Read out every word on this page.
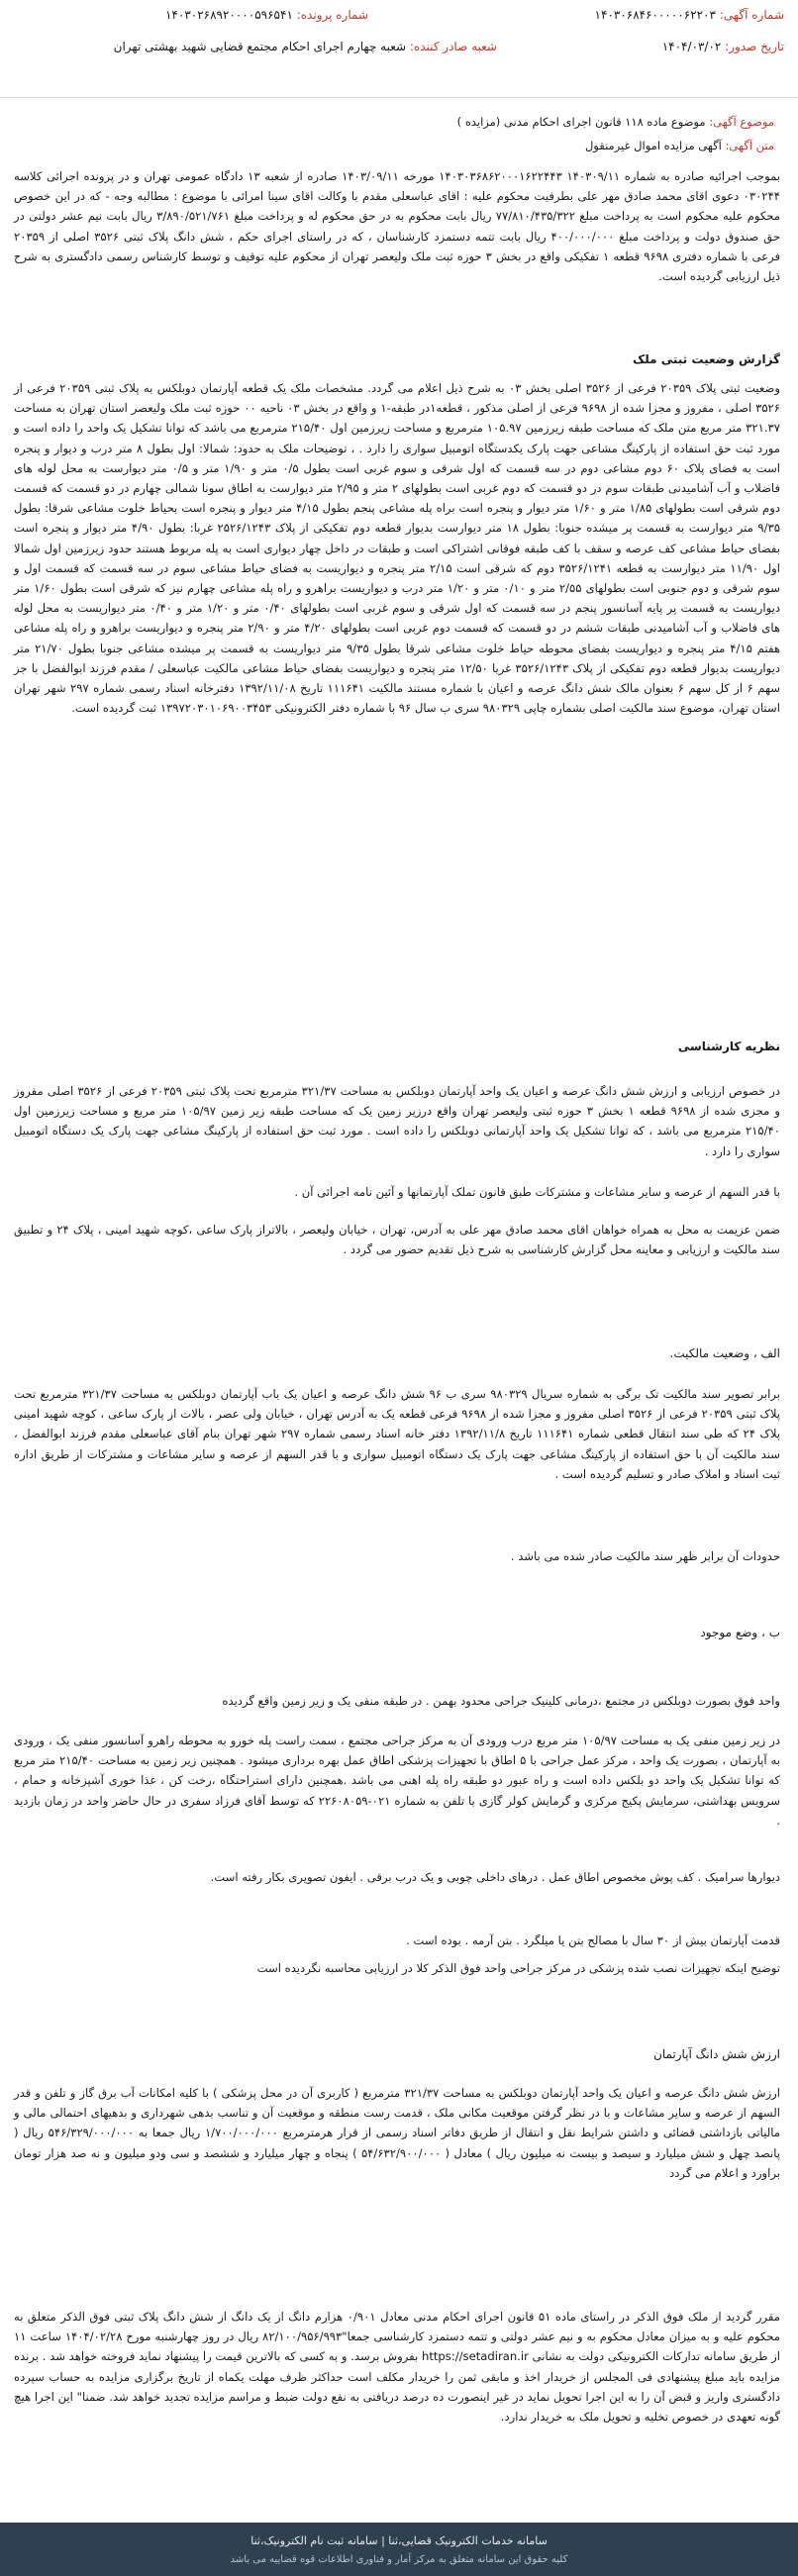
شماره آگهی: ۱۴۰۳۰۶۸۴۶۰۰۰۰۰۶۲۲۰۳
شماره پرونده: ۱۴۰۳۰۲۶۸۹۲۰۰۰۰۵۹۶۵۴۱
تاریخ صدور: ۱۴۰۴/۰۳/۰۲
شعبه صادر کننده: شعبه چهارم اجرای احکام مجتمع قضایی شهید بهشتی تهران
موضوع آگهی: موضوع ماده ۱۱۸ قانون اجرای احکام مدنی (مزایده )
متن آگهی: آگهی مزایده اموال غیرمنقول
بموجب اجرائیه صادره به شماره ۱۴۰۳۰۹/۱۱ ۱۴۰۳۰۳۶۸۶۲۰۰۰۱۶۲۲۴۴۳ مورخه ۱۴۰۳/۰۹/۱۱ صادره از شعبه ۱۳ دادگاه عمومی تهران و در پرونده اجرائی کلاسه ۰۳۰۲۴۴ دعوی اقای محمد صادق مهر علی بطرفیت محکوم علیه : اقای عباسعلی مقدم با وکالت اقای سینا امرائی با موضوع : مطالبه وجه - که در این خصوص محکوم علیه محکوم است به پرداخت مبلغ ۷۷/۸۱۰/۴۳۵/۳۲۲ ریال بابت محکوم به در حق محکوم له و پرداخت مبلغ ۳/۸۹۰/۵۲۱/۷۶۱ ریال بابت نیم عشر دولتی در حق صندوق دولت و پرداخت مبلغ ۴۰۰/۰۰۰/۰۰۰ ریال بابت تتمه دستمزد کارشناسان ، که در راستای اجرای حکم ، شش دانگ پلاک ثبتی ۳۵۲۶ اصلی از ۲۰۳۵۹ فرعی با شماره دفتری ۹۶۹۸ قطعه ۱ تفکیکی واقع در بخش ۳ حوزه ثبت ملک ولیعصر تهران از محکوم علیه توقیف و توسط کارشناس رسمی دادگستری به شرح ذیل ارزیابی گردیده است.
گزارش وضعیت ثبتی ملک
وضعیت ثبتی پلاک ۲۰۳۵۹ فرعی از ۳۵۲۶ اصلی بخش ۰۳ به شرح ذیل اعلام می گردد. مشخصات ملک یک قطعه آپارتمان دوبلکس به پلاک ثبتی ۲۰۳۵۹ فرعی از ۳۵۲۶ اصلی ، مفروز و مجزا شده از ۹۶۹۸ فرعی از اصلی مذکور ، قطعه۱در طبقه-۱ و واقع در بخش ۰۳ ناحیه ۰۰ حوزه ثبت ملک ولیعصر استان تهران به مساحت ۳۲۱.۳۷ متر مربع متن ملک که مساحت طبقه زیرزمین ۱۰۵.۹۷ مترمربع و مساحت زیرزمین اول ۲۱۵/۴۰ مترمربع می باشد که توانا تشکیل یک واحد را داده است و مورد ثبت حق استفاده از پارکینگ مشاعی جهت پارک یکدستگاه اتومبیل سواری را دارد . ، توضیحات ملک به حدود: شمالا: اول بطول ۸ متر درب و دیوار و پنجره است به فضای پلاک ۶۰ دوم مشاعی دوم در سه قسمت که اول شرقی و سوم غربی است بطول ۰/۵ متر و ۱/۹۰ متر و ۰/۵ متر دیوارست به محل لوله های فاضلاب و آب آشامیدنی طبقات سوم در دو قسمت که دوم غربی است بطولهای ۲ متر و ۲/۹۵ متر دیوارست به اطاق سونا شمالی چهارم در دو قسمت که قسمت دوم شرقی است بطولهای ۱/۸۵ متر و ۱/۶۰ متر دیوار و پنجره است براه پله مشاعی پنجم بطول ۴/۱۵ متر دیوار و پنجره است بحیاط خلوت مشاعی شرقا: بطول ۹/۳۵ متر دیوارست به قسمت پر میشده جنوبا: بطول ۱۸ متر دیوارست بدیوار قطعه دوم تفکیکی از پلاک ۲۵۲۶/۱۲۴۳ غربا: بطول ۴/۹۰ متر دیوار و پنجره است بفضای حیاط مشاعی کف عرصه و سقف با کف طبقه فوقانی اشتراکی است و طبقات در داخل چهار دیواری است به پله مربوط هستند حدود زیرزمین اول شمالا اول ۱۱/۹۰ متر دیوارست به قطعه ۳۵۲۶/۱۲۴۱ دوم که شرقی است ۲/۱۵ متر پنجره و دیواریست به فضای حیاط مشاعی سوم در سه قسمت که قسمت اول و سوم شرقی و دوم جنوبی است بطولهای ۲/۵۵ متر و ۰/۱۰ متر و ۱/۲۰ متر درب و دیواریست براهرو و راه پله مشاعی چهارم نیز که شرقی است بطول ۱/۶۰ متر دیواریست به قسمت پر پایه آسانسور پنجم در سه قسمت که اول شرقی و سوم غربی است بطولهای ۰/۴۰ متر و ۱/۲۰ متر و ۰/۴۰ متر دیواریست به محل لوله های فاضلاب و آب آشامیدنی طبقات ششم در دو قسمت که قسمت دوم غربی است بطولهای ۴/۲۰ متر و ۲/۹۰ متر پنجره و دیواریست براهرو و راه پله مشاعی هفتم ۴/۱۵ متر پنجره و دیواریست بفضای محوطه حیاط خلوت مشاعی شرقا بطول ۹/۳۵ متر دیواریست به قسمت پر میشده مشاعی جنوبا بطول ۲۱/۷۰ متر دیواریست بدیوار قطعه دوم تفکیکی از پلاک ۳۵۲۶/۱۲۴۳ غربا ۱۲/۵۰ متر پنجره و دیواریست بفضای حیاط مشاعی مالکیت عباسعلی / مقدم فرزند ابوالفضل با جز سهم ۶ از کل سهم ۶ بعنوان مالک شش دانگ عرصه و اعیان با شماره مستند مالکیت ۱۱۱۶۴۱ تاریخ ۱۳۹۲/۱۱/۰۸ دفترخانه اسناد رسمی شماره ۲۹۷ شهر تهران استان تهران، موضوع سند مالکیت اصلی بشماره چاپی ۹۸۰۳۲۹ سری ب سال ۹۶ با شماره دفتر الکترونیکی ۱۳۹۷۲۰۳۰۱۰۶۹۰۰۳۴۵۳ ثبت گردیده است.
نظریه کارشناسی
در خصوص ارزیابی و ارزش شش دانگ عرصه و اعیان یک واحد آپارتمان دوبلکس به مساحت ۳۲۱/۳۷ مترمربع تحت پلاک ثبتی ۲۰۳۵۹ فرعی از ۳۵۲۶ اصلی مفروز و مجزی شده از ۹۶۹۸ قطعه ۱ بخش ۳ حوزه ثبتی ولیعصر تهران واقع درزیر زمین یک که مساحت طبقه زیر زمین ۱۰۵/۹۷ متر مربع و مساحت زیرزمین اول ۲۱۵/۴۰ مترمربع می باشد ، که توانا تشکیل یک واحد آپارتمانی دوبلکس را داده است . مورد ثبت حق استفاده از پارکینگ مشاعی جهت پارک یک دستگاه اتومبیل سواری را دارد .
با قدر السهم از عرصه و سایر مشاعات و مشترکات طبق قانون تملک آپارتمانها و آئین نامه اجرائی آن .
ضمن عزیمت به محل به همراه خواهان اقای محمد صادق مهر علی به آدرس، تهران ، خیابان ولیعصر ، بالاتراز پارک ساعی ،کوچه شهید امینی ، پلاک ۲۴ و تطبیق سند مالکیت و ارزیابی و معاینه محل گزارش کارشناسی به شرح ذیل تقدیم حضور می گردد .
الف ، وضعیت مالکیت.
برابر تصویر سند مالکیت تک برگی به شماره سریال ۹۸۰۳۲۹ سری ب ۹۶ شش دانگ عرصه و اعیان یک باب آپارتمان دوبلکس به مساحت ۳۲۱/۳۷ مترمربع تحت پلاک ثبتی ۲۰۳۵۹ فرعی از ۳۵۲۶ اصلی مفروز و مجزا شده از ۹۶۹۸ فرعی قطعه یک به آدرس تهران ، خیابان ولی عصر ، بالات از پارک ساعی ، کوچه شهید امینی پلاک ۲۴ که طی سند انتقال قطعی شماره ۱۱۱۶۴۱ تاریخ ۱۳۹۲/۱۱/۸ دفتر خانه اسناد رسمی شماره ۲۹۷ شهر تهران بنام آقای عباسعلی مقدم فرزند ابوالفضل ، سند مالکیت آن با حق استفاده از پارکینگ مشاعی جهت پارک یک دستگاه اتومبیل سواری و با قدر السهم از عرصه و سایر مشاعات و مشترکات از طریق اداره ثبت اسناد و املاک صادر و تسلیم گردیده است .
حدودات آن برابر ظهر سند مالکیت صادر شده می باشد .
ب ، وضع موجود
واحد فوق بصورت دوبلکس در مجتمع ،درمانی کلینیک جراحی محدود بهمن . در طبقه منفی یک و زیر زمین واقع گردیده
در زیر زمین منفی یک به مساحت ۱۰۵/۹۷ متر مربع درب ورودی آن به مرکز جراحی مجتمع ، سمت راست پله خورو به محوطه راهرو آسانسور منفی یک ، ورودی به آپارتمان ، بصورت یک واحد ، مرکز عمل جراحی با ۵ اطاق با تجهیزات پزشکی اطاق عمل بهره برداری میشود . همچنین زیر زمین به مساحت ۲۱۵/۴۰ متر مربع که توانا تشکیل یک واحد دو بلکس داده است و راه عبور دو طبقه راه پله اهنی می باشد .همچنین دارای استراحتگاه ،رخت کن ، غذا خوری آشپزخانه و حمام ، سرویس بهداشتی، سرمایش پکیج مرکزی و گرمایش کولر گازی با تلفن به شماره ۰۲۱-۲۲۶۰۸۰۵۹ که توسط آقای فرزاد سفری در حال حاضر واحد در زمان بازدید .
دیوارها سرامیک . کف پوش مخصوص اطاق عمل . درهای داخلی چوبی و یک درب برقی . ایفون تصویری بکار رفته است.
قدمت آپارتمان بیش از ۳۰ سال با مصالح بتن یا میلگرد . بتن آرمه . بوده است .
توضیح اینکه تجهیزات نصب شده پزشکی در مرکز جراحی واحد فوق الذکر کلا در ارزیابی محاسبه نگردیده است
ارزش شش دانگ آپارتمان
ارزش شش دانگ عرصه و اعیان یک واحد آپارتمان دوبلکس به مساحت ۳۲۱/۳۷ مترمربع ( کاربری آن در محل پزشکی ) با کلیه امکانات آب برق گاز و تلفن و قدر السهم از عرصه و سایر مشاعات و با در نظر گرفتن موقعیت مکانی ملک ، قدمت رست منطقه و موقعیت آن و تناسب بدهی شهرداری و بدهیهای احتمالی مالی و مالیاتی بازداشتی قضائی و داشتن شرایط نقل و انتقال از طریق دفاتر اسناد رسمی از قرار هرمترمربع ۱/۷۰۰/۰۰۰/۰۰۰ ریال جمعا به ۵۴۶/۳۲۹/۰۰۰/۰۰۰ ریال ( پانصد چهل و شش میلیارد و سیصد و بیست نه میلیون ریال ) معادل ( ۵۴/۶۳۲/۹۰۰/۰۰۰ ) پنجاه و چهار میلیارد و ششصد و سی ودو میلیون و نه صد هزار تومان براورد و اعلام می گردد
مقرر گردید از ملک فوق الذکر در راستای ماده ۵۱ قانون اجرای احکام مدنی معادل ۰/۹۰۱ هزارم دانگ از یک دانگ از شش دانگ پلاک ثبتی فوق الذکر متعلق به محکوم علیه و به میزان معادل محکوم به و نیم عشر دولتی و تتمه دستمزد کارشناسی جمعا"۸۲/۱۰۰/۹۵۶/۹۹۳ ریال در روز چهارشنبه مورخ ۱۴۰۴/۰۲/۲۸ ساعت ۱۱ از طریق سامانه تدارکات الکترونیکی دولت به نشانی https://setadiran.ir بفروش برسد. و به کسی که بالاترین قیمت را پیشنهاد نماید فروخته خواهد شد . برنده مزایده باید مبلغ پیشنهادی فی المجلس از خریدار اخذ و مابقی ثمن را خریدار مکلف است حداکثر ظرف مهلت یکماه از تاریخ برگزاری مزایده به حساب سپرده دادگستری واریز و قبض آن را به این اجرا تحویل نماید در غیر اینصورت ده درصد دریافتی به نفع دولت ضبط و مراسم مزایده تجدید خواهد شد. ضمنا" این اجرا هیچ گونه تعهدی در خصوص تخلیه و تحویل ملک به خریدار ندارد.
سامانه خدمات الکترونیک قضایی،ثنا | سامانه ثبت نام الکترونیک،ثنا
کلیه حقوق این سامانه متعلق به مرکز آمار و فناوری اطلاعات قوه قضاییه می باشد
